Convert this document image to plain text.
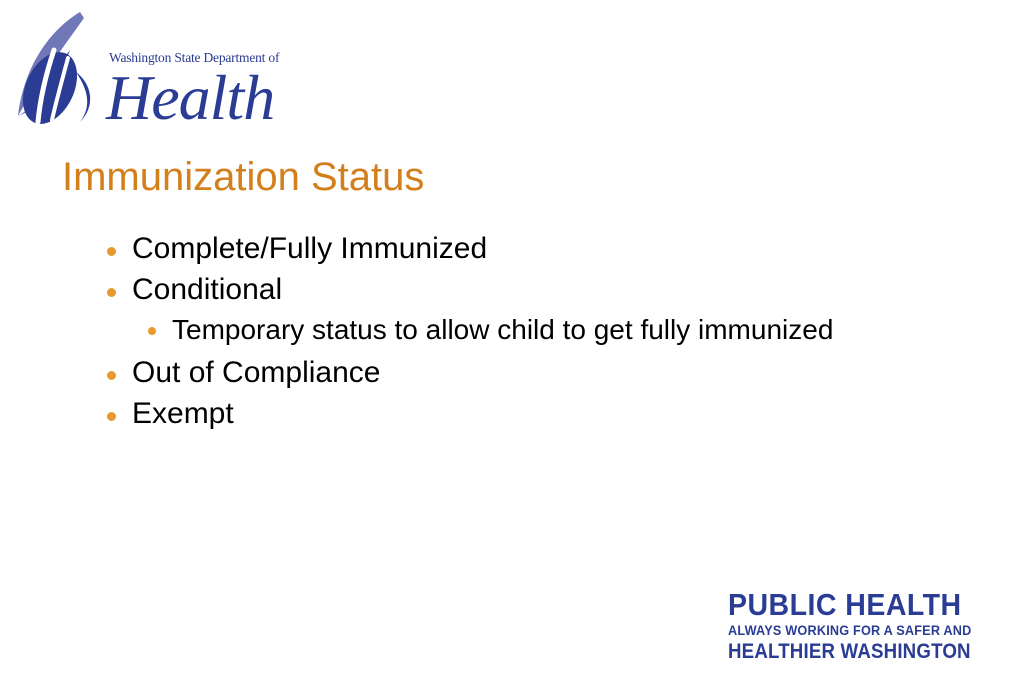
Washington State Department of
Health
Immunization Status
Complete/Fully Immunized
Conditional
Temporary status to allow child to get fully immunized
Out of Compliance
Exempt
PUBLIC HEALTH
ALWAYS WORKING FOR A SAFER AND
HEALTHIER WASHINGTON
